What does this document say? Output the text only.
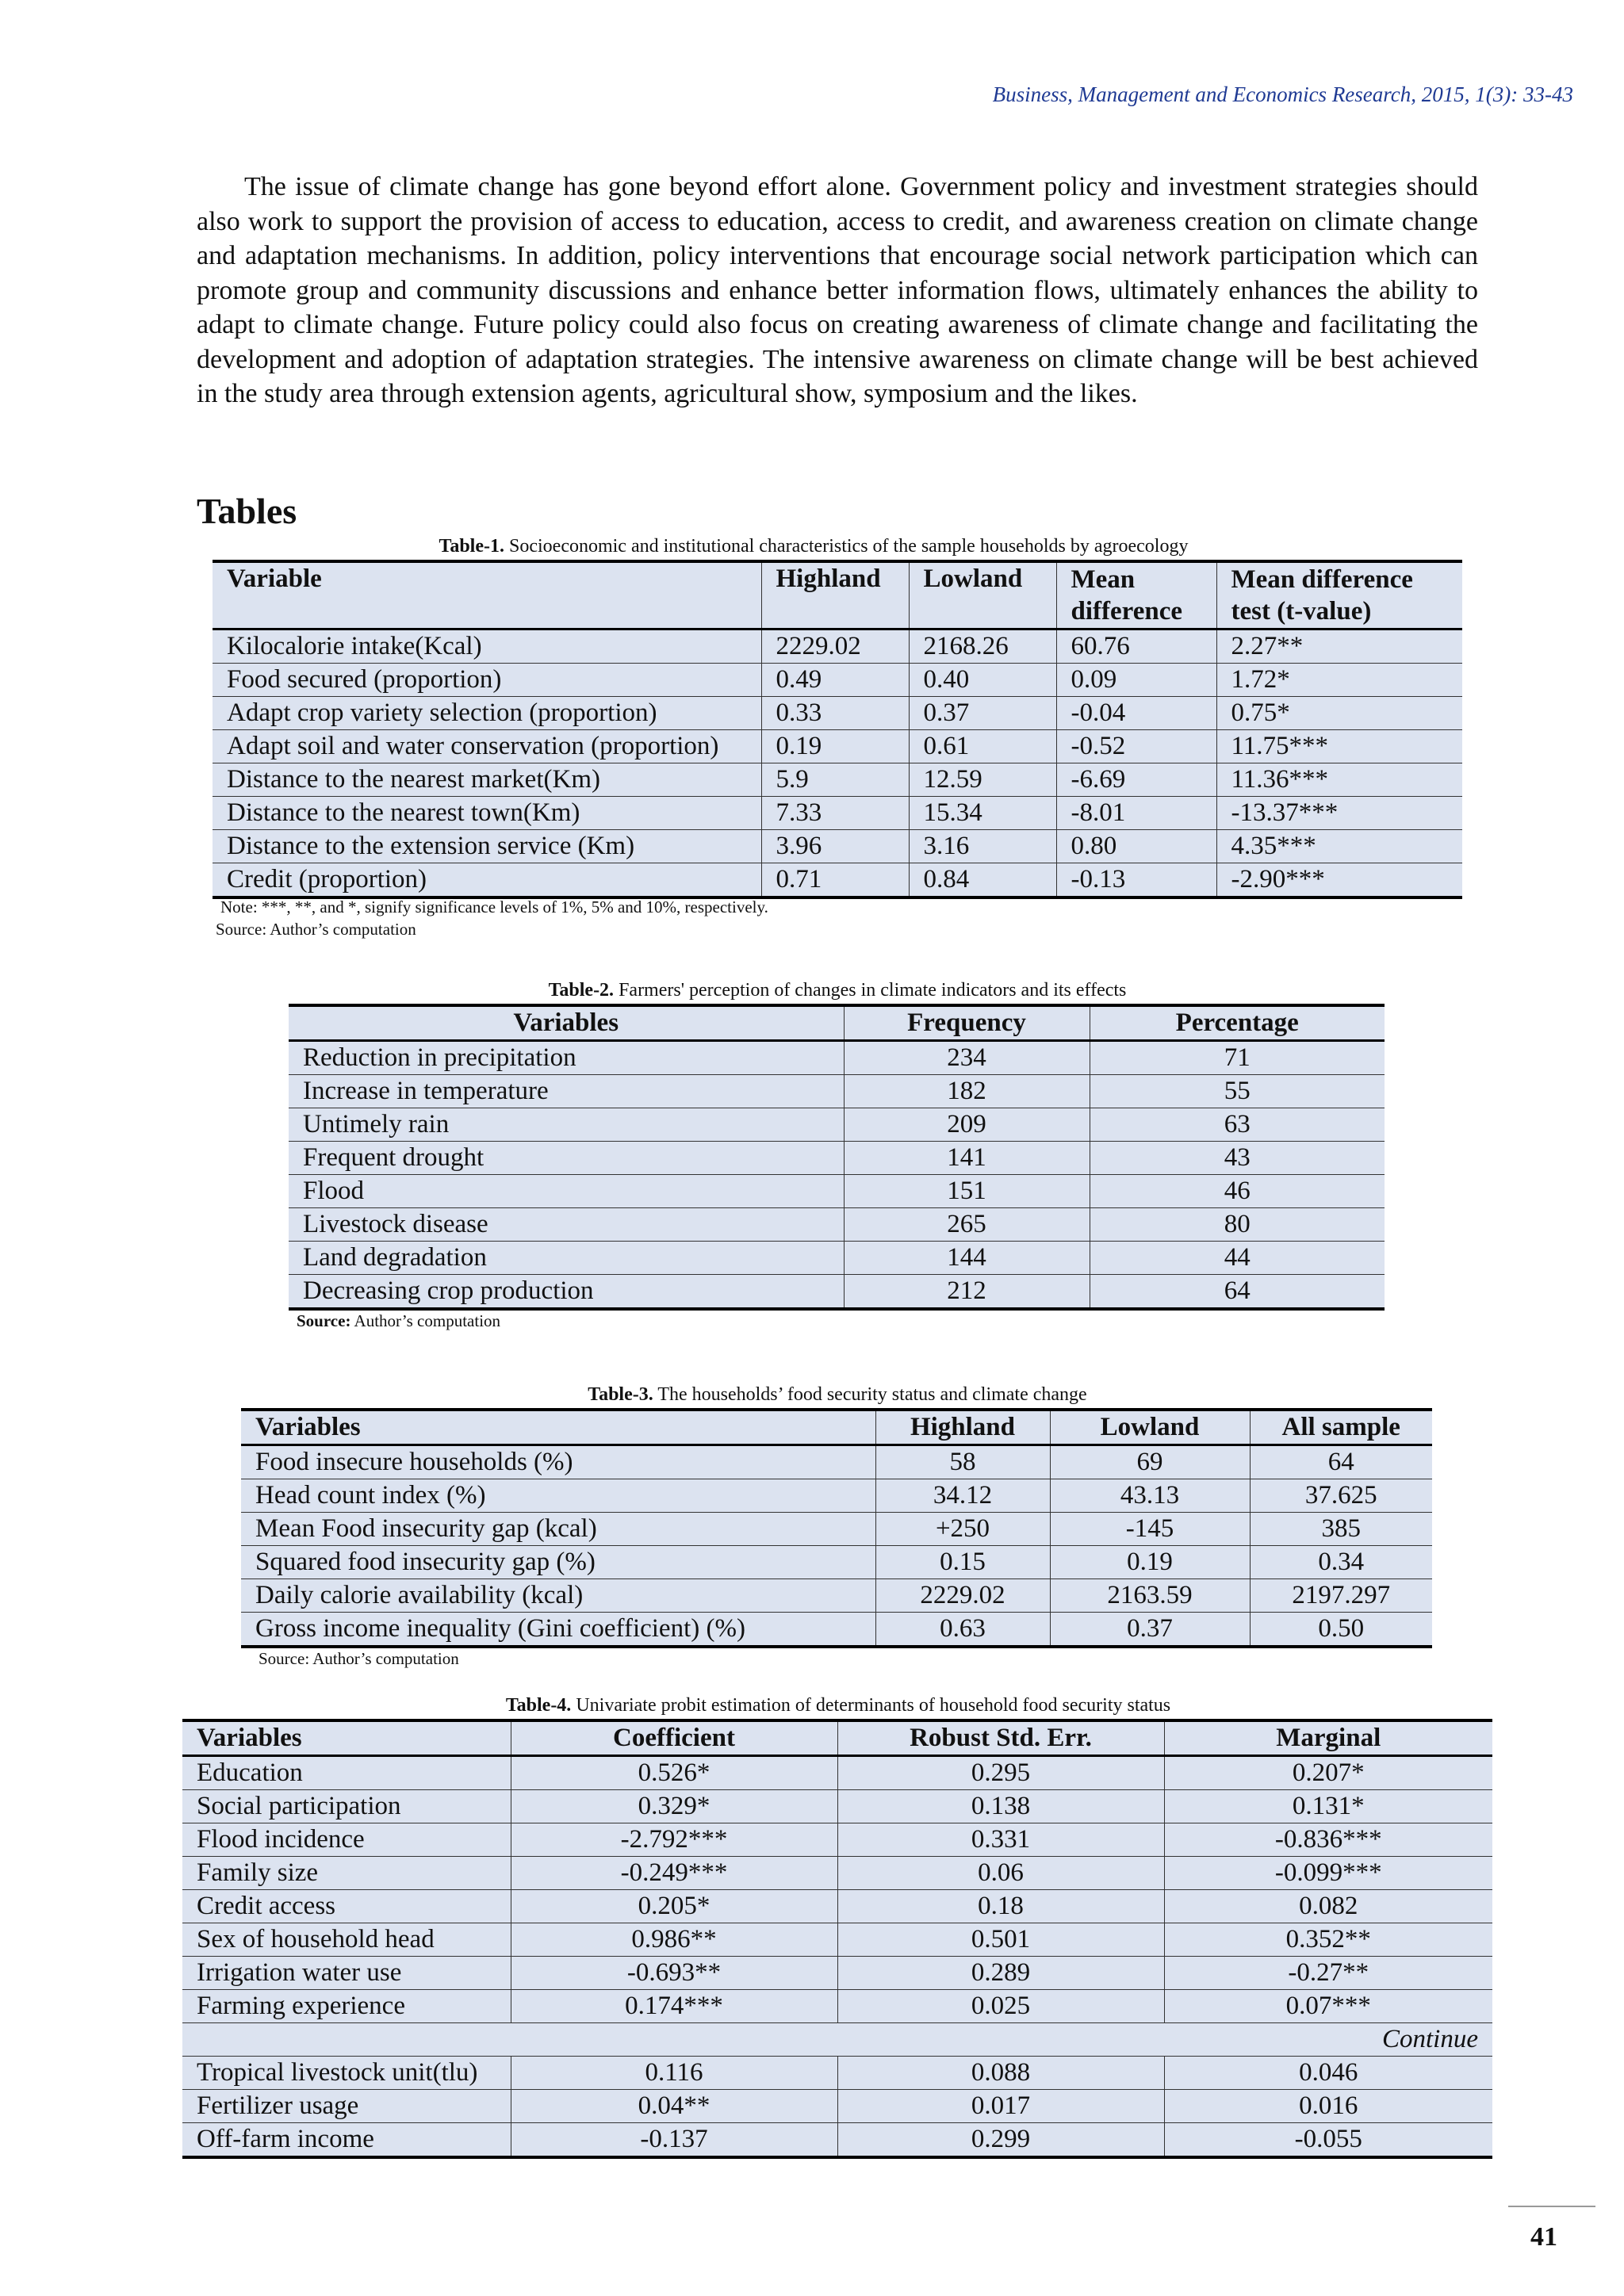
Business, Management and Economics Research, 2015, 1(3): 33-43

The issue of climate change has gone beyond effort alone. Government policy and investment strategies should also work to support the provision of access to education, access to credit, and awareness creation on climate change and adaptation mechanisms. In addition, policy interventions that encourage social network participation which can promote group and community discussions and enhance better information flows, ultimately enhances the ability to adapt to climate change. Future policy could also focus on creating awareness of climate change and facilitating the development and adoption of adaptation strategies. The intensive awareness on climate change will be best achieved in the study area through extension agents, agricultural show, symposium and the likes.

Tables
Table-1. Socioeconomic and institutional characteristics of the sample households by agroecology
Variable	Highland	Lowland	Mean difference	Mean difference test (t-value)
Kilocalorie intake(Kcal)	2229.02	2168.26	60.76	2.27**
Food secured (proportion)	0.49	0.40	0.09	1.72*
Adapt crop variety selection (proportion)	0.33	0.37	-0.04	0.75*
Adapt soil and water conservation (proportion)	0.19	0.61	-0.52	11.75***
Distance to the nearest market(Km)	5.9	12.59	-6.69	11.36***
Distance to the nearest town(Km)	7.33	15.34	-8.01	-13.37***
Distance to the extension service (Km)	3.96	3.16	0.80	4.35***
Credit (proportion)	0.71	0.84	-0.13	-2.90***
Note: ***, **, and *, signify significance levels of 1%, 5% and 10%, respectively.
Source: Author’s computation
Table-2. Farmers' perception of changes in climate indicators and its effects
Variables	Frequency	Percentage
Reduction in precipitation	234	71
Increase in temperature	182	55
Untimely rain	209	63
Frequent drought	141	43
Flood	151	46
Livestock disease	265	80
Land degradation	144	44
Decreasing crop production	212	64
Source: Author’s computation
Table-3. The households’ food security status and climate change
Variables	Highland	Lowland	All sample
Food insecure households (%)	58	69	64
Head count index (%)	34.12	43.13	37.625
Mean Food insecurity gap (kcal)	+250	-145	385
Squared food insecurity gap (%)	0.15	0.19	0.34
Daily calorie availability (kcal)	2229.02	2163.59	2197.297
Gross income inequality (Gini coefficient) (%)	0.63	0.37	0.50
Source: Author’s computation
Table-4. Univariate probit estimation of determinants of household food security status
Variables	Coefficient	Robust Std. Err.	Marginal
Education	0.526*	0.295	0.207*
Social participation	0.329*	0.138	0.131*
Flood incidence	-2.792***	0.331	-0.836***
Family size	-0.249***	0.06	-0.099***
Credit access	0.205*	0.18	0.082
Sex of household head	0.986**	0.501	0.352**
Irrigation water use	-0.693**	0.289	-0.27**
Farming experience	0.174***	0.025	0.07***
Continue			
Tropical livestock unit(tlu)	0.116	0.088	0.046
Fertilizer usage	0.04**	0.017	0.016
Off-farm income	-0.137	0.299	-0.055
41
